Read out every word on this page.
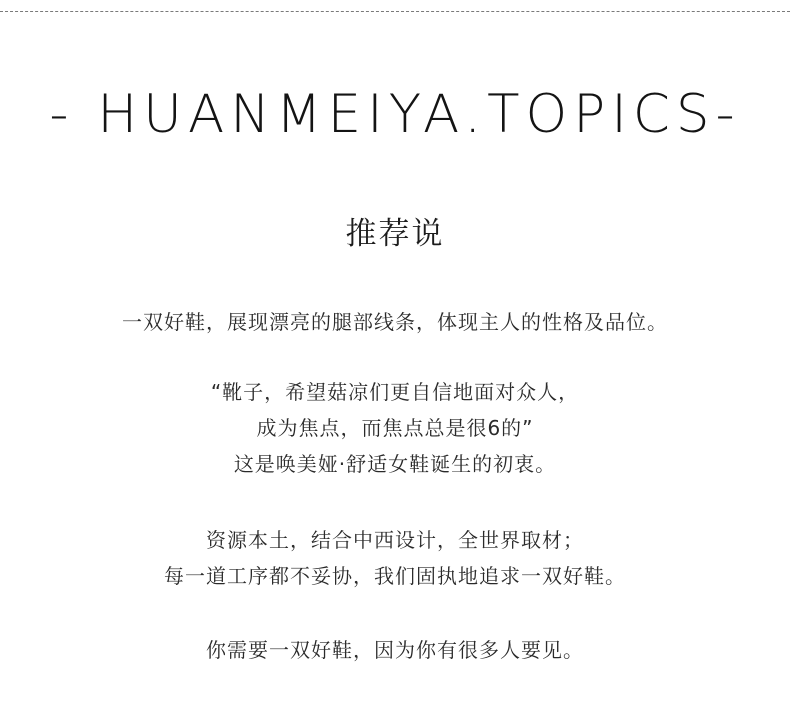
- HUANMEIYA.TOPICS-
推荐说
一双好鞋，展现漂亮的腿部线条，体现主人的性格及品位。
“靴子，希望菇凉们更自信地面对众人，
成为焦点，而焦点总是很6的”
这是唤美娅·舒适女鞋诞生的初衷。
资源本土，结合中西设计，全世界取材；
每一道工序都不妥协，我们固执地追求一双好鞋。
你需要一双好鞋，因为你有很多人要见。
